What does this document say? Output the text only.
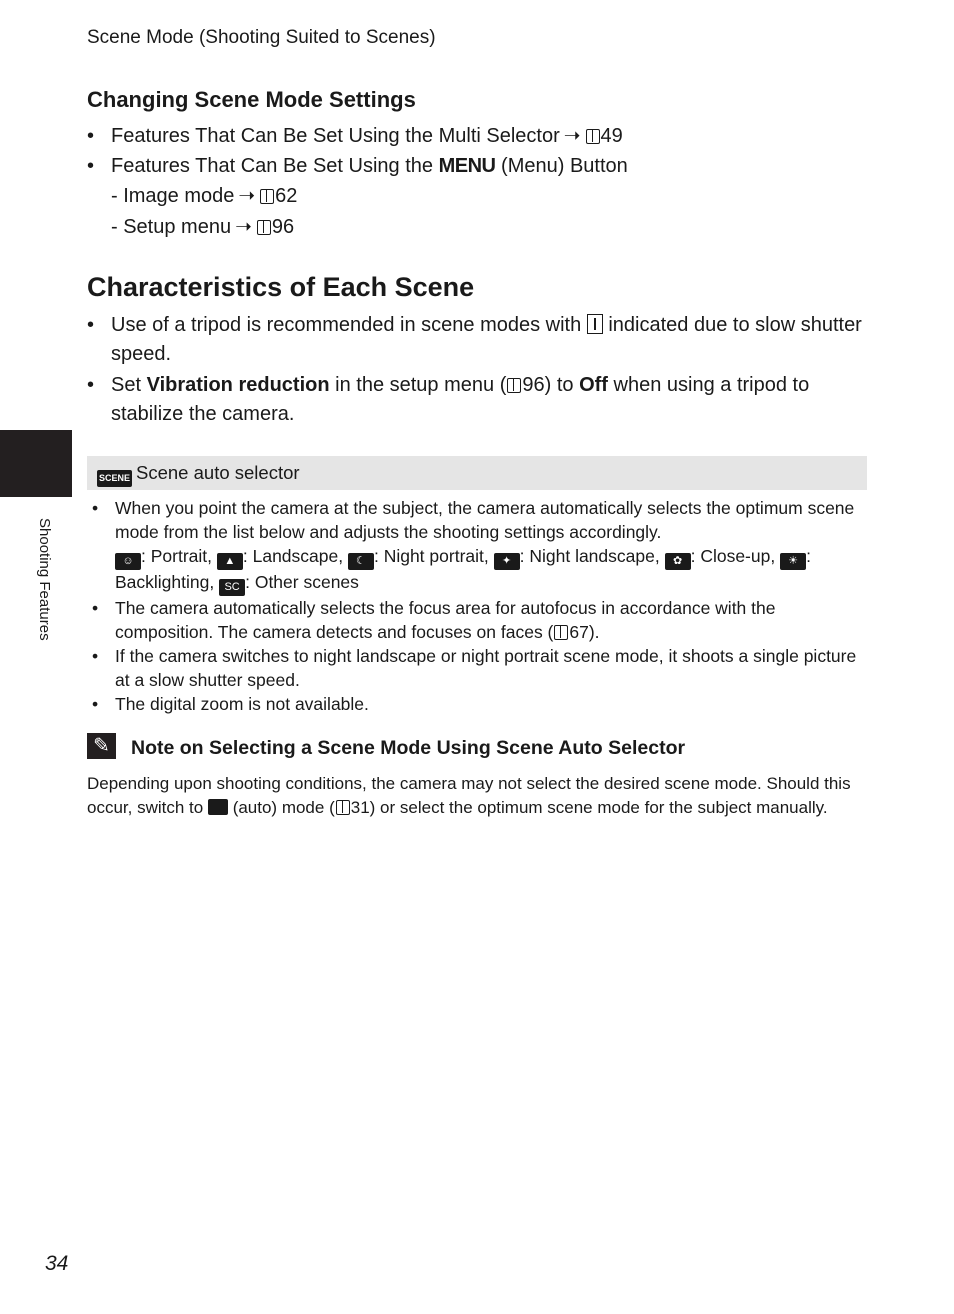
Scene Mode (Shooting Suited to Scenes)
Changing Scene Mode Settings
• Features That Can Be Set Using the Multi Selector ➝ 49
• Features That Can Be Set Using the MENU (Menu) Button
- Image mode ➝ 62
- Setup menu ➝ 96
Characteristics of Each Scene
• Use of a tripod is recommended in scene modes with indicated due to slow shutter speed.
• Set Vibration reduction in the setup menu ( 96) to Off when using a tripod to stabilize the camera.
Shooting Features
SCENE Scene auto selector
• When you point the camera at the subject, the camera automatically selects the optimum scene mode from the list below and adjusts the shooting settings accordingly.
☺ : Portrait, ▲ : Landscape, ☾ : Night portrait, ✦ : Night landscape, ✿ : Close-up, ☀ : Backlighting, SC : Other scenes
• The camera automatically selects the focus area for autofocus in accordance with the composition. The camera detects and focuses on faces ( 67).
• If the camera switches to night landscape or night portrait scene mode, it shoots a single picture at a slow shutter speed.
• The digital zoom is not available.
✎	Note on Selecting a Scene Mode Using Scene Auto Selector
Depending upon shooting conditions, the camera may not select the desired scene mode. Should this occur, switch to (auto) mode ( 31) or select the optimum scene mode for the subject manually.
34
